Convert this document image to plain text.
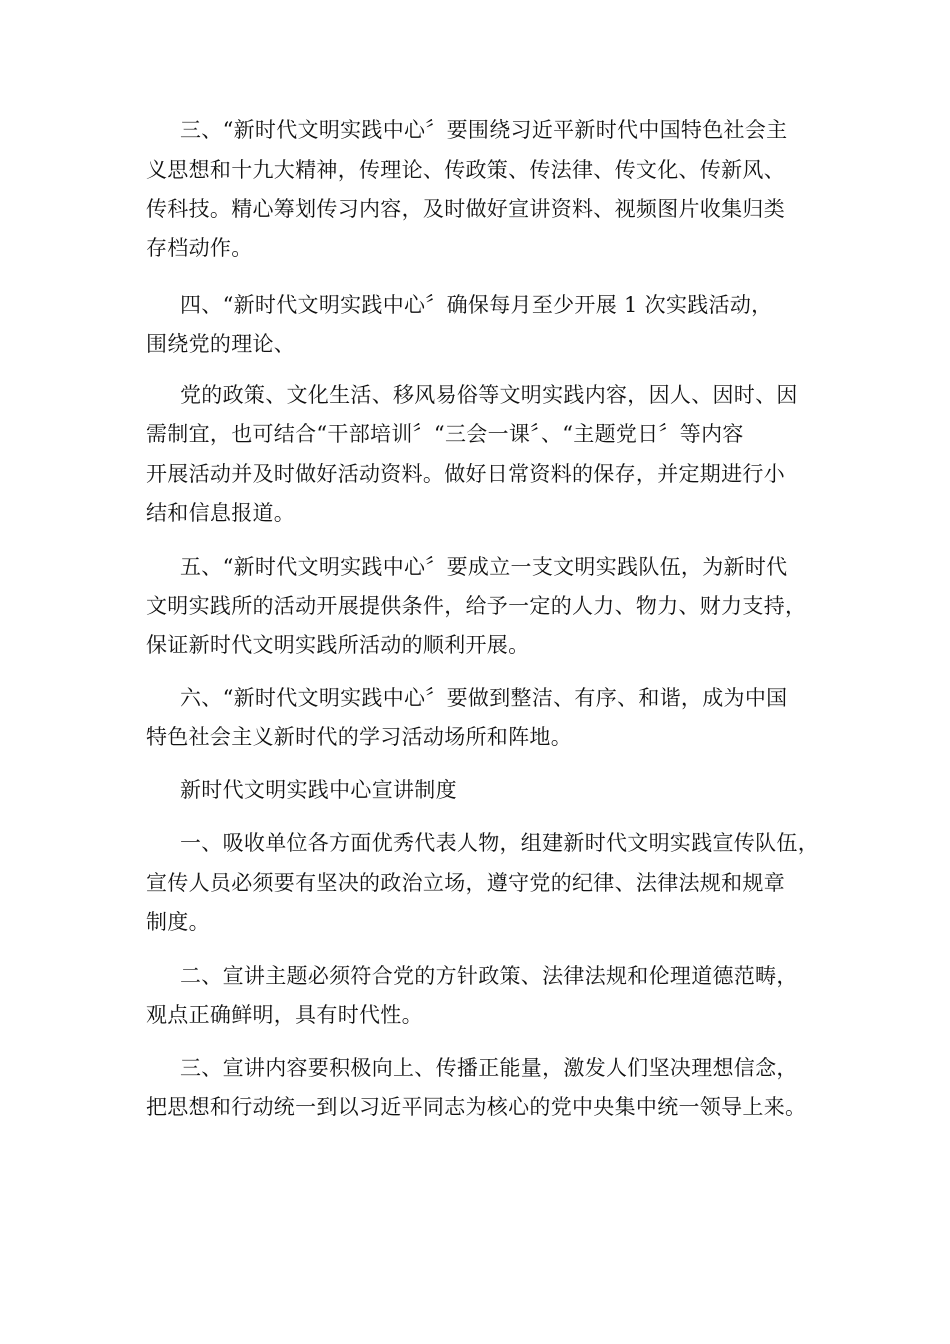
三、“新时代文明实践中心〞要围绕习近平新时代中国特色社会主
义思想和十九大精神，传理论、传政策、传法律、传文化、传新风、
传科技。精心筹划传习内容，及时做好宣讲资料、视频图片收集归类
存档动作。
四、“新时代文明实践中心〞确保每月至少开展 1 次实践活动，
围绕党的理论、
党的政策、文化生活、移风易俗等文明实践内容，因人、因时、因
需制宜，也可结合“干部培训〞“三会一课〞、“主题党日〞等内容
开展活动并及时做好活动资料。做好日常资料的保存，并定期进行小
结和信息报道。
五、“新时代文明实践中心〞要成立一支文明实践队伍，为新时代
文明实践所的活动开展提供条件，给予一定的人力、物力、财力支持，
保证新时代文明实践所活动的顺利开展。
六、“新时代文明实践中心〞要做到整洁、有序、和谐，成为中国
特色社会主义新时代的学习活动场所和阵地。
新时代文明实践中心宣讲制度
一、吸收单位各方面优秀代表人物，组建新时代文明实践宣传队伍，
宣传人员必须要有坚决的政治立场，遵守党的纪律、法律法规和规章
制度。
二、宣讲主题必须符合党的方针政策、法律法规和伦理道德范畴，
观点正确鲜明，具有时代性。
三、宣讲内容要积极向上、传播正能量，激发人们坚决理想信念，
把思想和行动统一到以习近平同志为核心的党中央集中统一领导上来。
